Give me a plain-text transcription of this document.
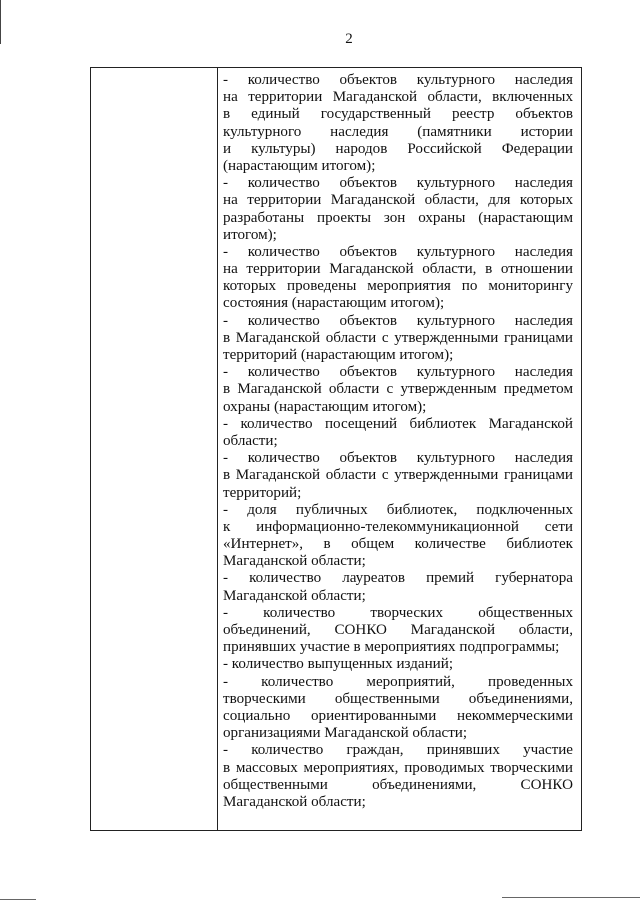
2
- количество объектов культурного наследия
на территории Магаданской области, включенных
в единый государственный реестр объектов
культурного наследия (памятники истории
и культуры) народов Российской Федерации
(нарастающим итогом);
- количество объектов культурного наследия
на территории Магаданской области, для которых
разработаны проекты зон охраны (нарастающим
итогом);
- количество объектов культурного наследия
на территории Магаданской области, в отношении
которых проведены мероприятия по мониторингу
состояния (нарастающим итогом);
- количество объектов культурного наследия
в Магаданской области с утвержденными границами
территорий (нарастающим итогом);
- количество объектов культурного наследия
в Магаданской области с утвержденным предметом
охраны (нарастающим итогом);
- количество посещений библиотек Магаданской
области;
- количество объектов культурного наследия
в Магаданской области с утвержденными границами
территорий;
- доля публичных библиотек, подключенных
к информационно-телекоммуникационной сети
«Интернет», в общем количестве библиотек
Магаданской области;
- количество лауреатов премий губернатора
Магаданской области;
- количество творческих общественных
объединений, СОНКО Магаданской области,
принявших участие в мероприятиях подпрограммы;
- количество выпущенных изданий;
- количество мероприятий, проведенных
творческими общественными объединениями,
социально ориентированными некоммерческими
организациями Магаданской области;
- количество граждан, принявших участие
в массовых мероприятиях, проводимых творческими
общественными объединениями, СОНКО
Магаданской области;
